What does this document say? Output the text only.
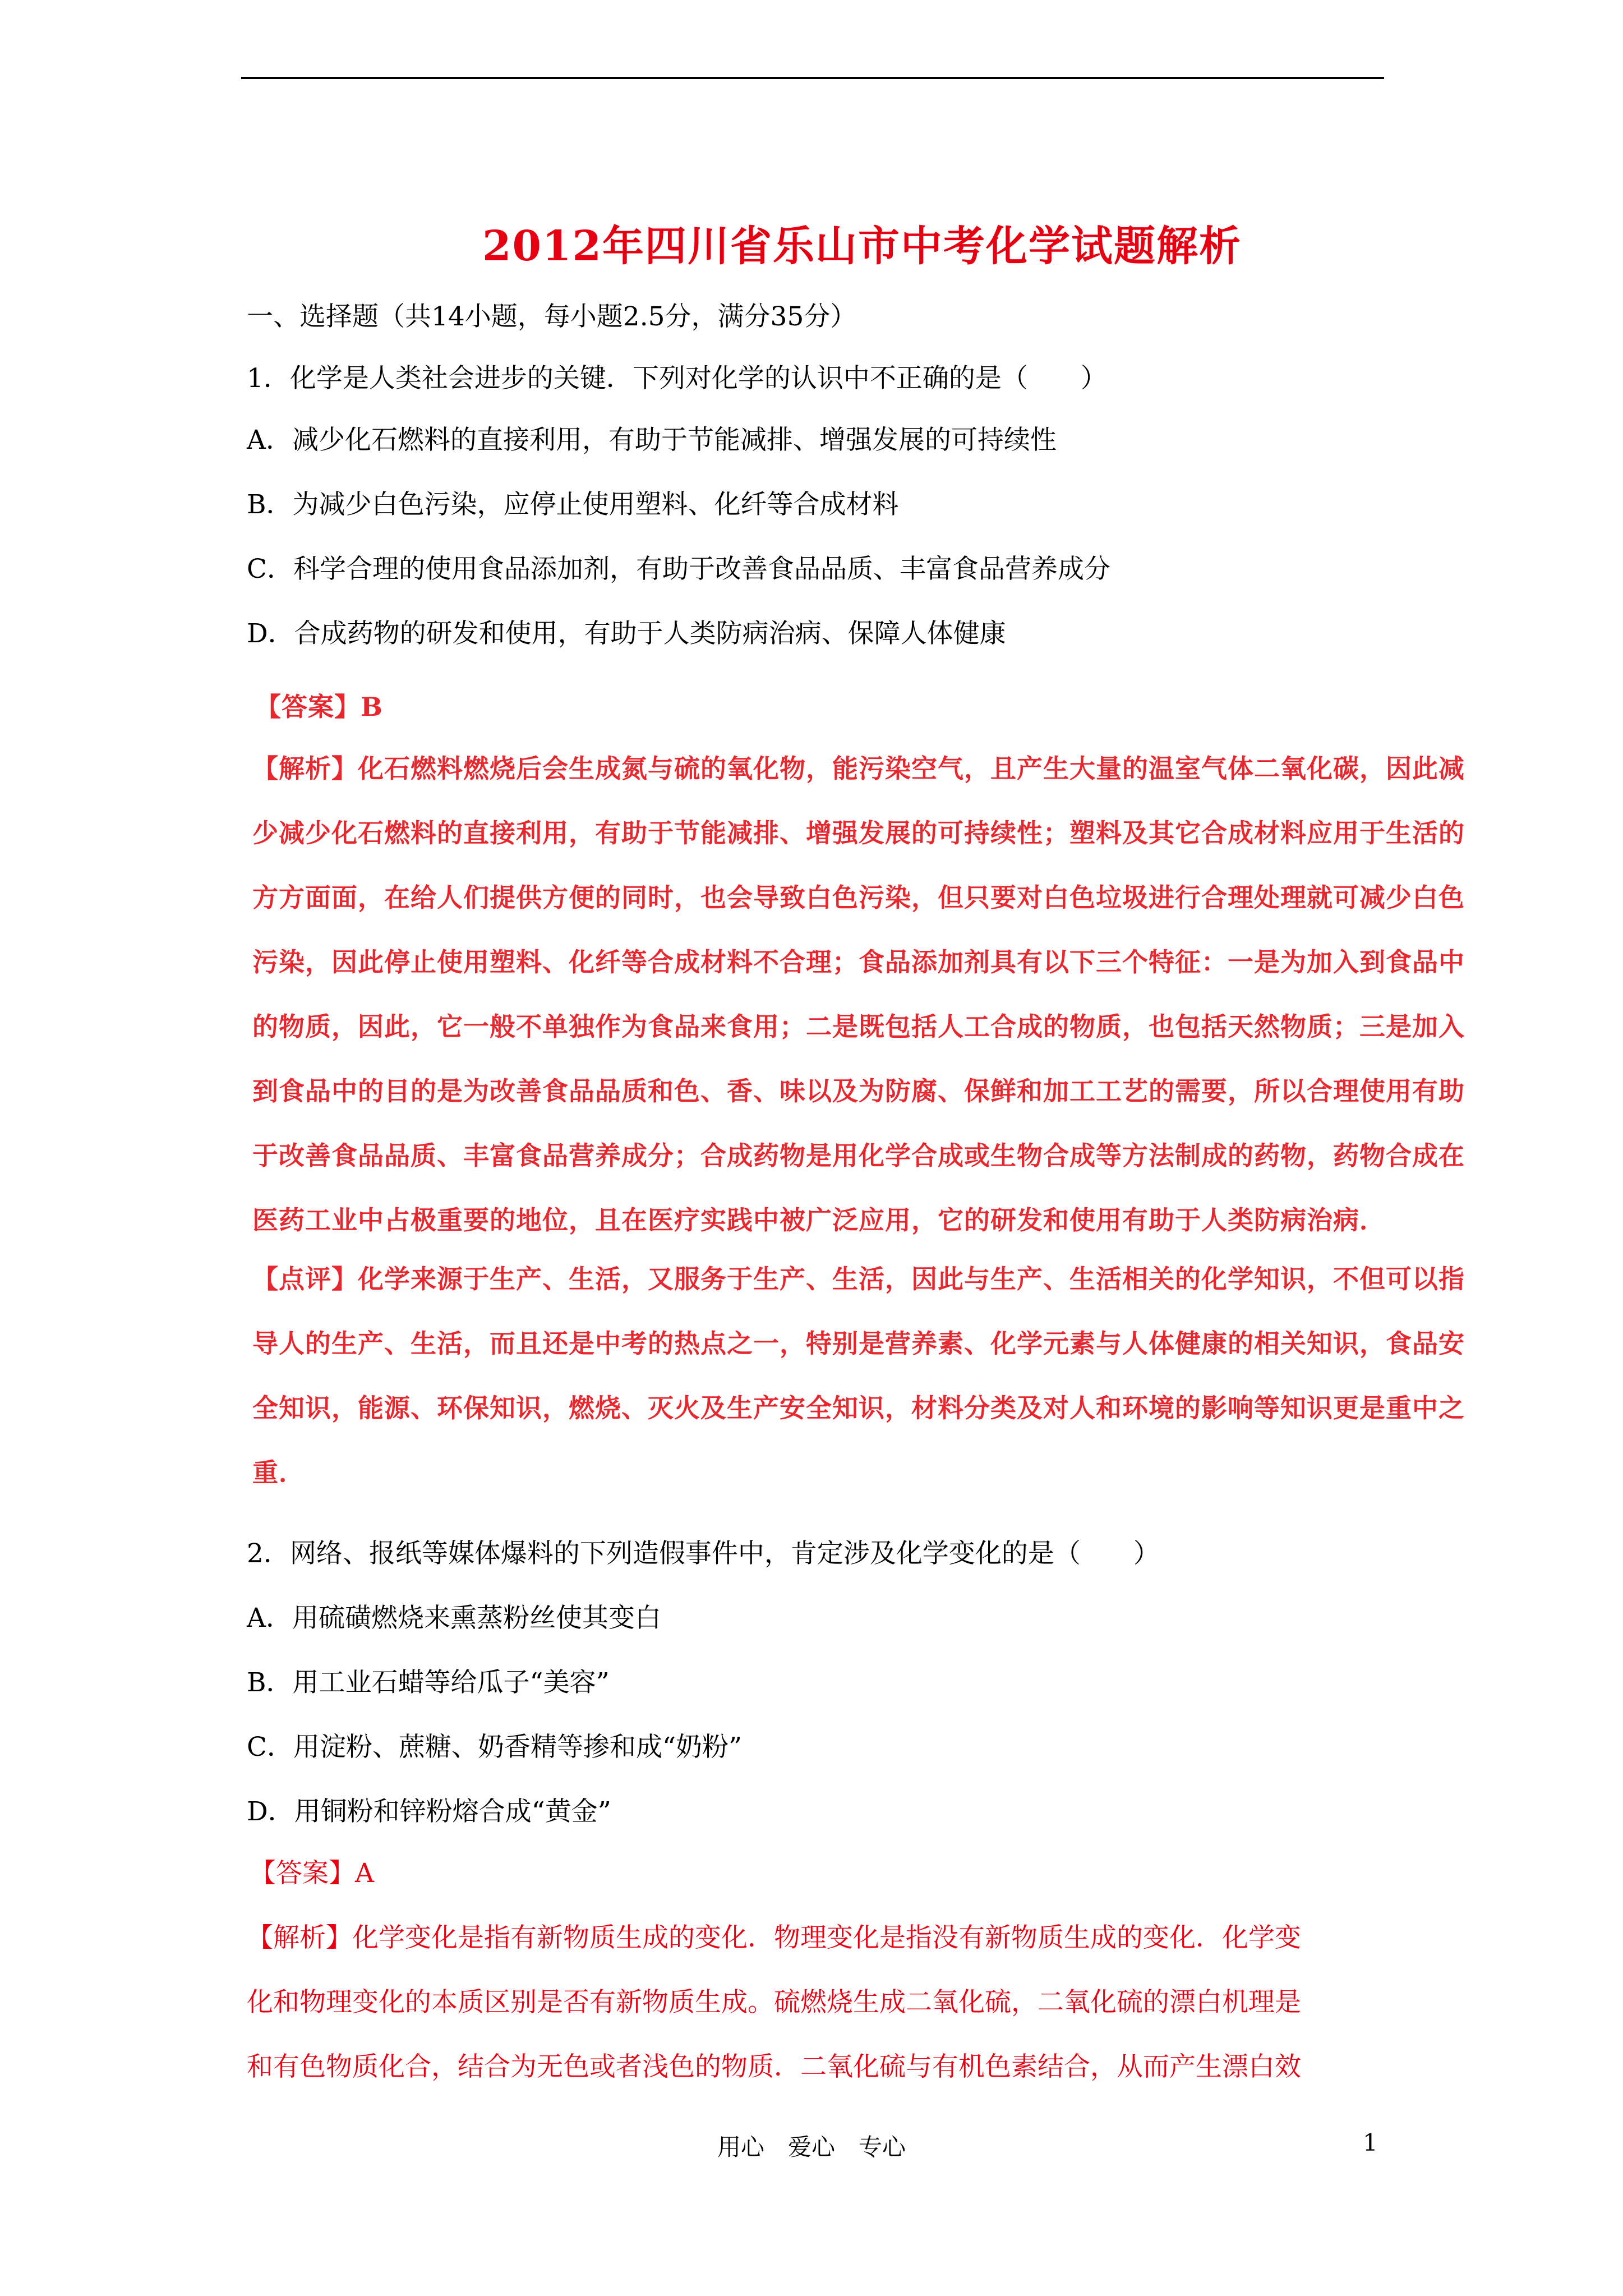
2012年四川省乐山市中考化学试题解析
一、选择题（共14小题，每小题2.5分，满分35分）
1．化学是人类社会进步的关键．下列对化学的认识中不正确的是（　　）
A．减少化石燃料的直接利用，有助于节能减排、增强发展的可持续性
B．为减少白色污染，应停止使用塑料、化纤等合成材料
C．科学合理的使用食品添加剂，有助于改善食品品质、丰富食品营养成分
D．合成药物的研发和使用，有助于人类防病治病、保障人体健康
【答案】B
【解析】化石燃料燃烧后会生成氮与硫的氧化物，能污染空气，且产生大量的温室气体二氧化碳，因此减
少减少化石燃料的直接利用，有助于节能减排、增强发展的可持续性；塑料及其它合成材料应用于生活的
方方面面，在给人们提供方便的同时，也会导致白色污染，但只要对白色垃圾进行合理处理就可减少白色
污染，因此停止使用塑料、化纤等合成材料不合理；食品添加剂具有以下三个特征：一是为加入到食品中
的物质，因此，它一般不单独作为食品来食用；二是既包括人工合成的物质，也包括天然物质；三是加入
到食品中的目的是为改善食品品质和色、香、味以及为防腐、保鲜和加工工艺的需要，所以合理使用有助
于改善食品品质、丰富食品营养成分；合成药物是用化学合成或生物合成等方法制成的药物，药物合成在
医药工业中占极重要的地位，且在医疗实践中被广泛应用，它的研发和使用有助于人类防病治病．
【点评】化学来源于生产、生活，又服务于生产、生活，因此与生产、生活相关的化学知识，不但可以指
导人的生产、生活，而且还是中考的热点之一，特别是营养素、化学元素与人体健康的相关知识，食品安
全知识，能源、环保知识，燃烧、灭火及生产安全知识，材料分类及对人和环境的影响等知识更是重中之
重．
2．网络、报纸等媒体爆料的下列造假事件中，肯定涉及化学变化的是（　　）
A．用硫磺燃烧来熏蒸粉丝使其变白
B．用工业石蜡等给瓜子“美容”
C．用淀粉、蔗糖、奶香精等掺和成“奶粉”
D．用铜粉和锌粉熔合成“黄金”
【答案】A
【解析】化学变化是指有新物质生成的变化．物理变化是指没有新物质生成的变化．化学变
化和物理变化的本质区别是否有新物质生成。硫燃烧生成二氧化硫，二氧化硫的漂白机理是
和有色物质化合，结合为无色或者浅色的物质．二氧化硫与有机色素结合，从而产生漂白效
用心　爱心　专心	1
